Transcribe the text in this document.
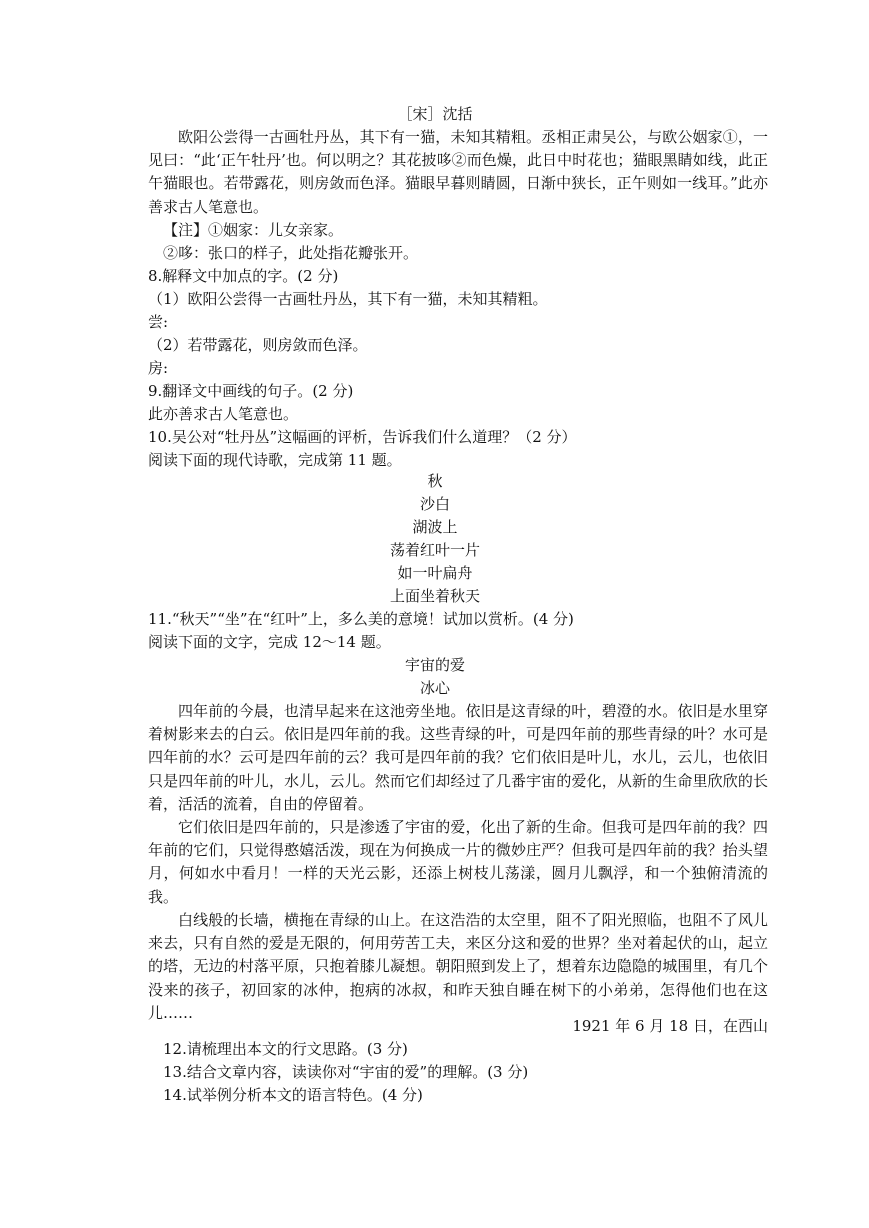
［宋］沈括
欧阳公尝得一古画牡丹丛，其下有一猫，未知其精粗。丞相正肃吴公，与欧公姻家①，一见曰：“此‘正午牡丹’也。何以明之？其花披哆②而色燥，此日中时花也；猫眼黑睛如线，此正午猫眼也。若带露花，则房敛而色泽。猫眼早暮则睛圆，日渐中狭长，正午则如一线耳。”此亦善求古人笔意也。
【注】①姻家：儿女亲家。
②哆：张口的样子，此处指花瓣张开。
8.解释文中加点的字。(2 分)
（1）欧阳公尝得一古画牡丹丛，其下有一猫，未知其精粗。
尝:
（2）若带露花，则房敛而色泽。
房:
9.翻译文中画线的句子。(2 分)
此亦善求古人笔意也。
10.吴公对“牡丹丛”这幅画的评析，告诉我们什么道理？（2 分）
阅读下面的现代诗歌，完成第 11 题。
秋
沙白
湖波上
荡着红叶一片
如一叶扁舟
上面坐着秋天
11.“秋天”“坐”在“红叶”上，多么美的意境！试加以赏析。(4 分)
阅读下面的文字，完成 12～14 题。
宇宙的爱
冰心
四年前的今晨，也清早起来在这池旁坐地。依旧是这青绿的叶，碧澄的水。依旧是水里穿着树影来去的白云。依旧是四年前的我。这些青绿的叶，可是四年前的那些青绿的叶？水可是四年前的水？云可是四年前的云？我可是四年前的我？它们依旧是叶儿，水儿，云儿，也依旧只是四年前的叶儿，水儿，云儿。然而它们却经过了几番宇宙的爱化，从新的生命里欣欣的长着，活活的流着，自由的停留着。
它们依旧是四年前的，只是渗透了宇宙的爱，化出了新的生命。但我可是四年前的我？四年前的它们，只觉得憨嬉活泼，现在为何换成一片的微妙庄严？但我可是四年前的我？抬头望月，何如水中看月！一样的天光云影，还添上树枝儿荡漾，圆月儿飘浮，和一个独俯清流的我。
白线般的长墙，横拖在青绿的山上。在这浩浩的太空里，阻不了阳光照临，也阻不了风儿来去，只有自然的爱是无限的，何用劳苦工夫，来区分这和爱的世界？坐对着起伏的山，起立的塔，无边的村落平原，只抱着膝儿凝想。朝阳照到发上了，想着东边隐隐的城围里，有几个没来的孩子，初回家的冰仲，抱病的冰叔，和昨天独自睡在树下的小弟弟，怎得他们也在这儿……
1921 年 6 月 18 日，在西山
12.请梳理出本文的行文思路。(3 分)
13.结合文章内容，读读你对“宇宙的爱”的理解。(3 分)
14.试举例分析本文的语言特色。(4 分)
